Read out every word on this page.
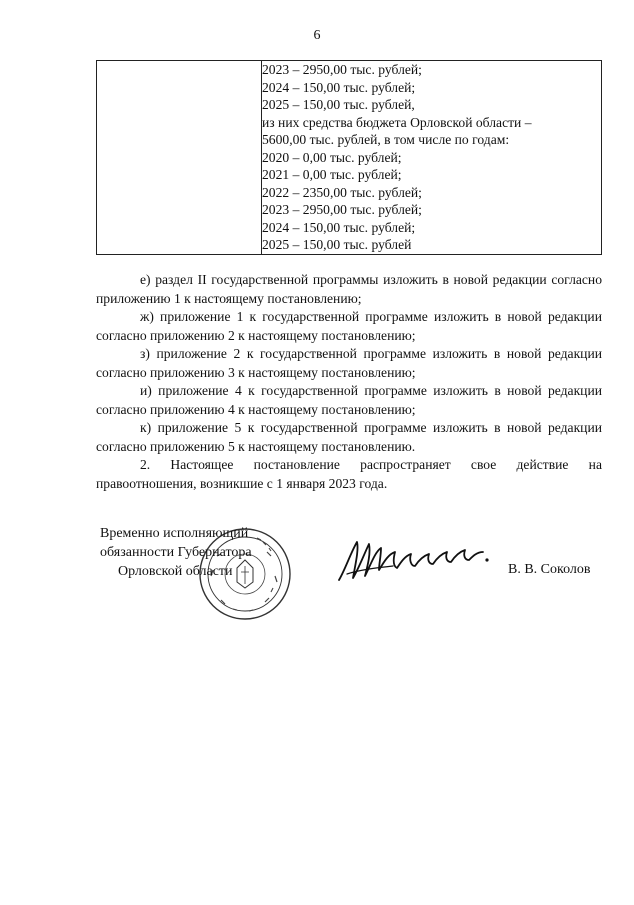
6

2023 – 2950,00 тыс. рублей;
2024 – 150,00 тыс. рублей;
2025 – 150,00 тыс. рублей,
из них средства бюджета Орловской области –
5600,00 тыс. рублей, в том числе по годам:
2020 – 0,00 тыс. рублей;
2021 – 0,00 тыс. рублей;
2022 – 2350,00 тыс. рублей;
2023 – 2950,00 тыс. рублей;
2024 – 150,00 тыс. рублей;
2025 – 150,00 тыс. рублей
е) раздел II государственной программы изложить в новой редакции согласно приложению 1 к настоящему постановлению;
ж) приложение 1 к государственной программе изложить в новой редакции согласно приложению 2 к настоящему постановлению;
з) приложение 2 к государственной программе изложить в новой редакции согласно приложению 3 к настоящему постановлению;
и) приложение 4 к государственной программе изложить в новой редакции согласно приложению 4 к настоящему постановлению;
к) приложение 5 к государственной программе изложить в новой редакции согласно приложению 5 к настоящему постановлению.
2. Настоящее постановление распространяет свое действие на правоотношения, возникшие с 1 января 2023 года.
Временно исполняющий
обязанности Губернатора
Орловской области	В. В. Соколов
